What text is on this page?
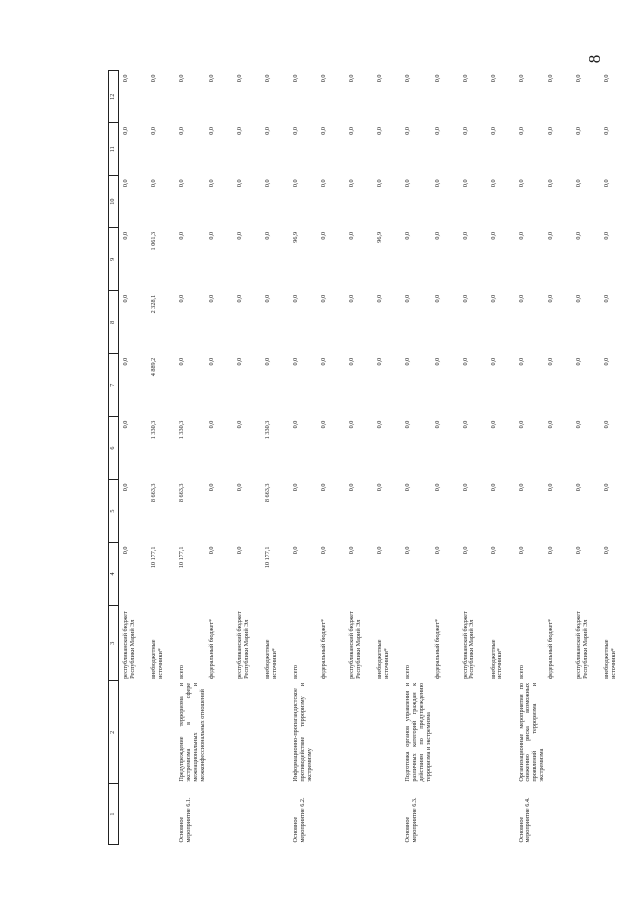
8
1	2	3	4	5	6	7	8	9	10	11	12
		республиканский бюджет Республики Марий Эл	0,0	0,0	0,0	0,0	0,0	0,0	0,0	0,0	0,0
		внебюджетные источники*	10 177,1	8 663,3	1 330,3	4 889,2	2 328,1	1 061,3	0,0	0,0	0,0
Основное мероприятие 6.1.	Предупреждение терроризма и экстремизма в сфере межнациональных и межконфессиональных отношений	всего	10 177,1	8 663,3	1 330,3	0,0	0,0	0,0	0,0	0,0	0,0
		федеральный бюджет*	0,0	0,0	0,0	0,0	0,0	0,0	0,0	0,0	0,0
		республиканский бюджет Республики Марий Эл	0,0	0,0	0,0	0,0	0,0	0,0	0,0	0,0	0,0
		внебюджетные источники*	10 177,1	8 663,3	1 330,3	0,0	0,0	0,0	0,0	0,0	0,0
Основное мероприятие 6.2.	Информационно-пропагандистское противодействие терроризму и экстремизму	всего	0,0	0,0	0,0	0,0	0,0	96,9	0,0	0,0	0,0
		федеральный бюджет*	0,0	0,0	0,0	0,0	0,0	0,0	0,0	0,0	0,0
		республиканский бюджет Республики Марий Эл	0,0	0,0	0,0	0,0	0,0	0,0	0,0	0,0	0,0
		внебюджетные источники*	0,0	0,0	0,0	0,0	0,0	96,9	0,0	0,0	0,0
Основное мероприятие 6.3.	Подготовка органов управления и различных категорий граждан к действиям по предупреждению терроризма и экстремизма	всего	0,0	0,0	0,0	0,0	0,0	0,0	0,0	0,0	0,0
		федеральный бюджет*	0,0	0,0	0,0	0,0	0,0	0,0	0,0	0,0	0,0
		республиканский бюджет Республики Марий Эл	0,0	0,0	0,0	0,0	0,0	0,0	0,0	0,0	0,0
		внебюджетные источники*	0,0	0,0	0,0	0,0	0,0	0,0	0,0	0,0	0,0
Основное мероприятие 6.4.	Организационные мероприятия по снижению риска возможных проявлений терроризма и экстремизма	всего	0,0	0,0	0,0	0,0	0,0	0,0	0,0	0,0	0,0
		федеральный бюджет*	0,0	0,0	0,0	0,0	0,0	0,0	0,0	0,0	0,0
		республиканский бюджет Республики Марий Эл	0,0	0,0	0,0	0,0	0,0	0,0	0,0	0,0	0,0
		внебюджетные источники*	0,0	0,0	0,0	0,0	0,0	0,0	0,0	0,0	0,0
